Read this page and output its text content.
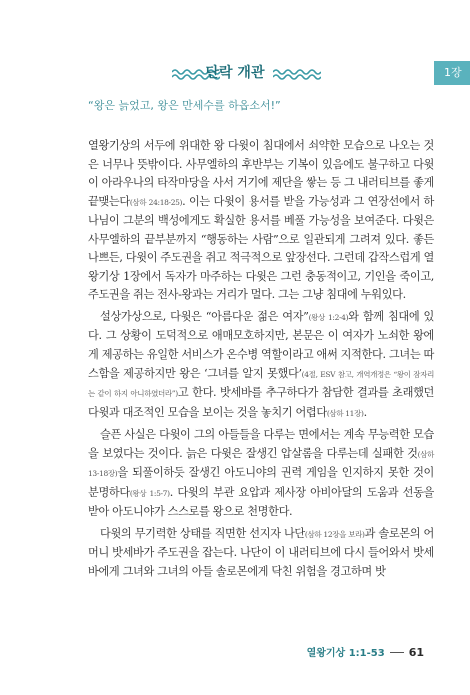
단락 개관	1장
“왕은 늙었고, 왕은 만세수를 하옵소서!”

열왕기상의 서두에 위대한 왕 다윗이 침대에서 쇠약한 모습으로 나오는 것은 너무나 뜻밖이다. 사무엘하의 후반부는 기복이 있음에도 불구하고 다윗이 아라우나의 타작마당을 사서 거기에 제단을 쌓는 등 그 내러티브를 좋게 끝맺는다(삼하 24:18-25). 이는 다윗이 용서를 받을 가능성과 그 연장선에서 하나님이 그분의 백성에게도 확실한 용서를 베풀 가능성을 보여준다. 다윗은 사무엘하의 끝부분까지 “행동하는 사람”으로 일관되게 그려져 있다. 좋든 나쁘든, 다윗이 주도권을 쥐고 적극적으로 앞장선다. 그런데 갑작스럽게 열왕기상 1장에서 독자가 마주하는 다윗은 그런 충동적이고, 기인을 죽이고, 주도권을 쥐는 전사-왕과는 거리가 멀다. 그는 그냥 침대에 누워있다.

설상가상으로, 다윗은 “아름다운 젊은 여자”(왕상 1:2-4)와 함께 침대에 있다. 그 상황이 도덕적으로 애매모호하지만, 본문은 이 여자가 노쇠한 왕에게 제공하는 유일한 서비스가 온수병 역할이라고 애써 지적한다. 그녀는 따스함을 제공하지만 왕은 ‘그녀를 알지 못했다’(4절, ESV 참고, 개역개정은 “왕이 잠자리는 같이 하지 아니하였더라”)고 한다. 밧세바를 추구하다가 참담한 결과를 초래했던 다윗과 대조적인 모습을 보이는 것을 놓치기 어렵다(삼하 11장).

슬픈 사실은 다윗이 그의 아들들을 다루는 면에서는 계속 무능력한 모습을 보였다는 것이다. 늙은 다윗은 잘생긴 압살롬을 다루는데 실패한 것(삼하 13-18장)을 되풀이하듯 잘생긴 아도니야의 권력 게임을 인지하지 못한 것이 분명하다(왕상 1:5-7). 다윗의 부관 요압과 제사장 아비아달의 도움과 선동을 받아 아도니야가 스스로를 왕으로 천명한다.

다윗의 무기력한 상태를 직면한 선지자 나단(삼하 12장을 보라)과 솔로몬의 어머니 밧세바가 주도권을 잡는다. 나단이 이 내러티브에 다시 들어와서 밧세바에게 그녀와 그녀의 아들 솔로몬에게 닥친 위험을 경고하며 밧

열왕기상 1:1-53 61
